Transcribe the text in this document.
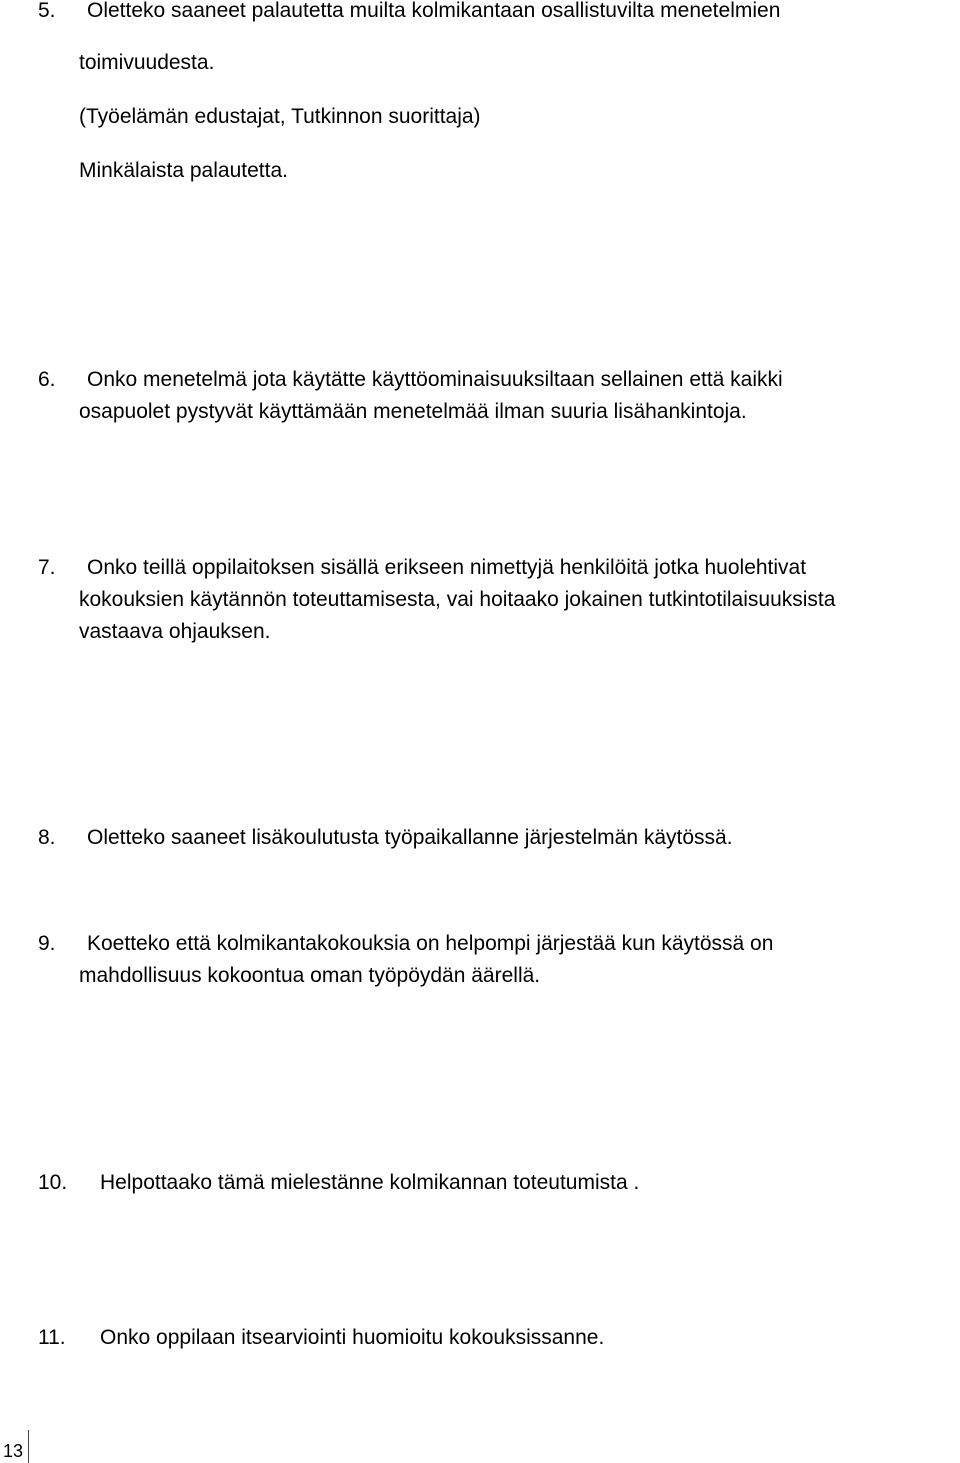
5. Oletteko saaneet palautetta muilta kolmikantaan osallistuvilta menetelmien
toimivuudesta.
(Työelämän edustajat, Tutkinnon suorittaja)
Minkälaista palautetta.
6. Onko menetelmä jota käytätte käyttöominaisuuksiltaan sellainen että kaikki
osapuolet pystyvät käyttämään menetelmää ilman suuria lisähankintoja.
7. Onko teillä oppilaitoksen sisällä erikseen nimettyjä henkilöitä jotka huolehtivat
kokouksien käytännön toteuttamisesta, vai hoitaako jokainen tutkintotilaisuuksista
vastaava ohjauksen.
8. Oletteko saaneet lisäkoulutusta työpaikallanne järjestelmän käytössä.
9. Koetteko että kolmikantakokouksia on helpompi järjestää kun käytössä on
mahdollisuus kokoontua oman työpöydän äärellä.
10. Helpottaako tämä mielestänne kolmikannan toteutumista .
11. Onko oppilaan itsearviointi huomioitu kokouksissanne.
13
